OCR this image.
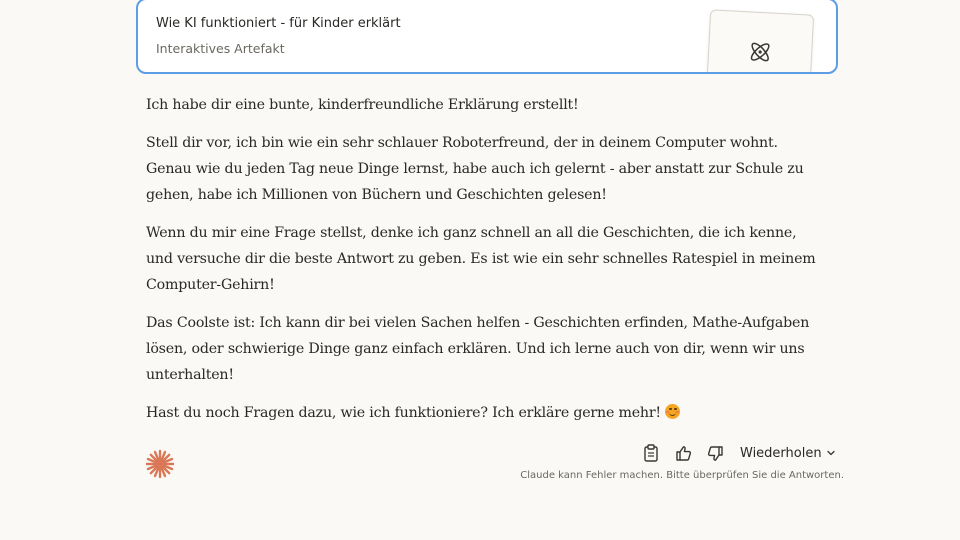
Wie KI funktioniert - für Kinder erklärt
Interaktives Artefakt

Ich habe dir eine bunte, kinderfreundliche Erklärung erstellt!

Stell dir vor, ich bin wie ein sehr schlauer Roboterfreund, der in deinem Computer wohnt. Genau wie du jeden Tag neue Dinge lernst, habe auch ich gelernt - aber anstatt zur Schule zu gehen, habe ich Millionen von Büchern und Geschichten gelesen!

Wenn du mir eine Frage stellst, denke ich ganz schnell an all die Geschichten, die ich kenne, und versuche dir die beste Antwort zu geben. Es ist wie ein sehr schnelles Ratespiel in meinem Computer-Gehirn!

Das Coolste ist: Ich kann dir bei vielen Sachen helfen - Geschichten erfinden, Mathe-Aufgaben lösen, oder schwierige Dinge ganz einfach erklären. Und ich lerne auch von dir, wenn wir uns unterhalten!

Hast du noch Fragen dazu, wie ich funktioniere? Ich erkläre gerne mehr!

Wiederholen
Claude kann Fehler machen. Bitte überprüfen Sie die Antworten.
